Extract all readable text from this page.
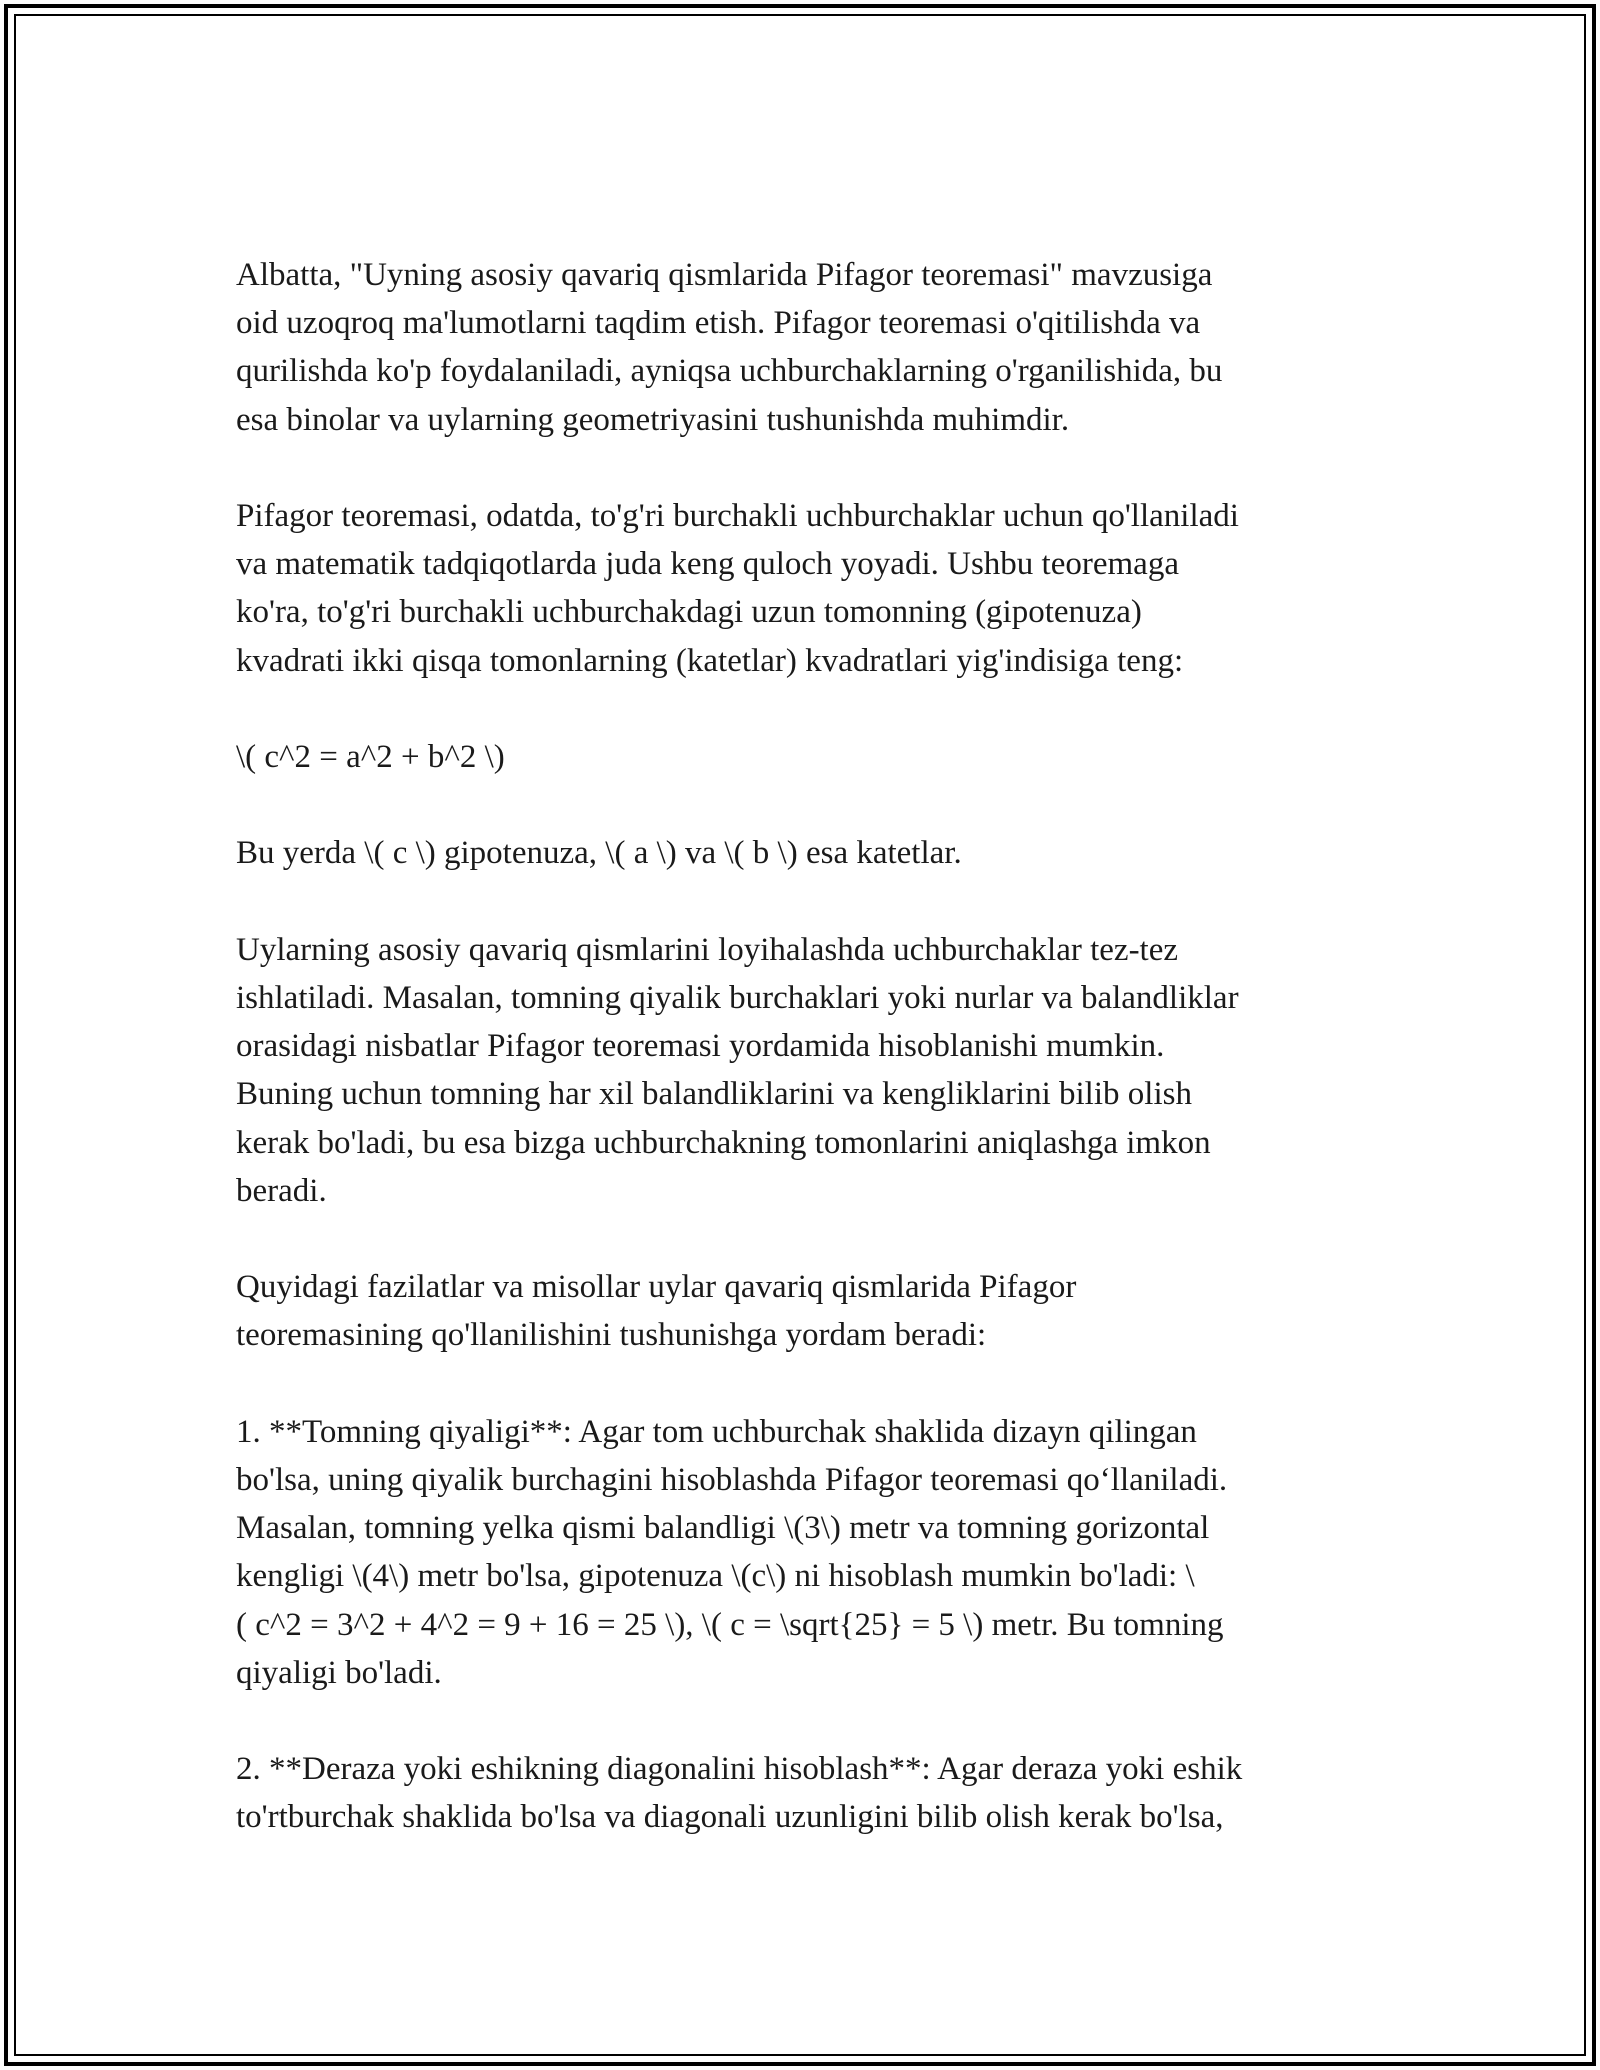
Albatta, "Uyning asosiy qavariq qismlarida Pifagor teoremasi" mavzusiga
oid uzoqroq ma'lumotlarni taqdim etish. Pifagor teoremasi o'qitilishda va
qurilishda ko'p foydalaniladi, ayniqsa uchburchaklarning o'rganilishida, bu
esa binolar va uylarning geometriyasini tushunishda muhimdir.

Pifagor teoremasi, odatda, to'g'ri burchakli uchburchaklar uchun qo'llaniladi
va matematik tadqiqotlarda juda keng quloch yoyadi. Ushbu teoremaga
ko'ra, to'g'ri burchakli uchburchakdagi uzun tomonning (gipotenuza)
kvadrati ikki qisqa tomonlarning (katetlar) kvadratlari yig'indisiga teng:

\( c^2 = a^2 + b^2 \)

Bu yerda \( c \) gipotenuza, \( a \) va \( b \) esa katetlar.

Uylarning asosiy qavariq qismlarini loyihalashda uchburchaklar tez-tez
ishlatiladi. Masalan, tomning qiyalik burchaklari yoki nurlar va balandliklar
orasidagi nisbatlar Pifagor teoremasi yordamida hisoblanishi mumkin.
Buning uchun tomning har xil balandliklarini va kengliklarini bilib olish
kerak bo'ladi, bu esa bizga uchburchakning tomonlarini aniqlashga imkon
beradi.

Quyidagi fazilatlar va misollar uylar qavariq qismlarida Pifagor
teoremasining qo'llanilishini tushunishga yordam beradi:

1. **Tomning qiyaligi**: Agar tom uchburchak shaklida dizayn qilingan
bo'lsa, uning qiyalik burchagini hisoblashda Pifagor teoremasi qo‘llaniladi.
Masalan, tomning yelka qismi balandligi \(3\) metr va tomning gorizontal
kengligi \(4\) metr bo'lsa, gipotenuza \(c\) ni hisoblash mumkin bo'ladi: \
( c^2 = 3^2 + 4^2 = 9 + 16 = 25 \), \( c = \sqrt{25} = 5 \) metr. Bu tomning
qiyaligi bo'ladi.

2. **Deraza yoki eshikning diagonalini hisoblash**: Agar deraza yoki eshik
to'rtburchak shaklida bo'lsa va diagonali uzunligini bilib olish kerak bo'lsa,
